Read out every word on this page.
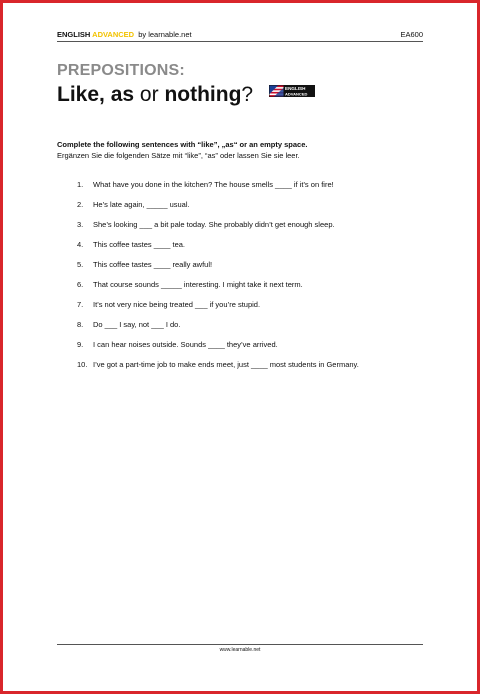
ENGLISH ADVANCED by learnable.net	EA600
PREPOSITIONS:
Like, as or nothing?	ENGLISH
ADVANCED
Complete the following sentences with “like”, „as“ or an empty space.
Ergänzen Sie die folgenden Sätze mit “like”, “as” oder lassen Sie sie leer.
1. What have you done in the kitchen? The house smells ____ if it’s on fire!
2. He’s late again, _____ usual.
3. She’s looking ___ a bit pale today. She probably didn’t get enough sleep.
4. This coffee tastes ____ tea.
5. This coffee tastes ____ really awful!
6. That course sounds _____ interesting. I might take it next term.
7. It’s not very nice being treated ___ if you’re stupid.
8. Do ___ I say, not ___ I do.
9. I can hear noises outside. Sounds ____ they’ve arrived.
10. I’ve got a part-time job to make ends meet, just ____ most students in Germany.
www.learnable.net
